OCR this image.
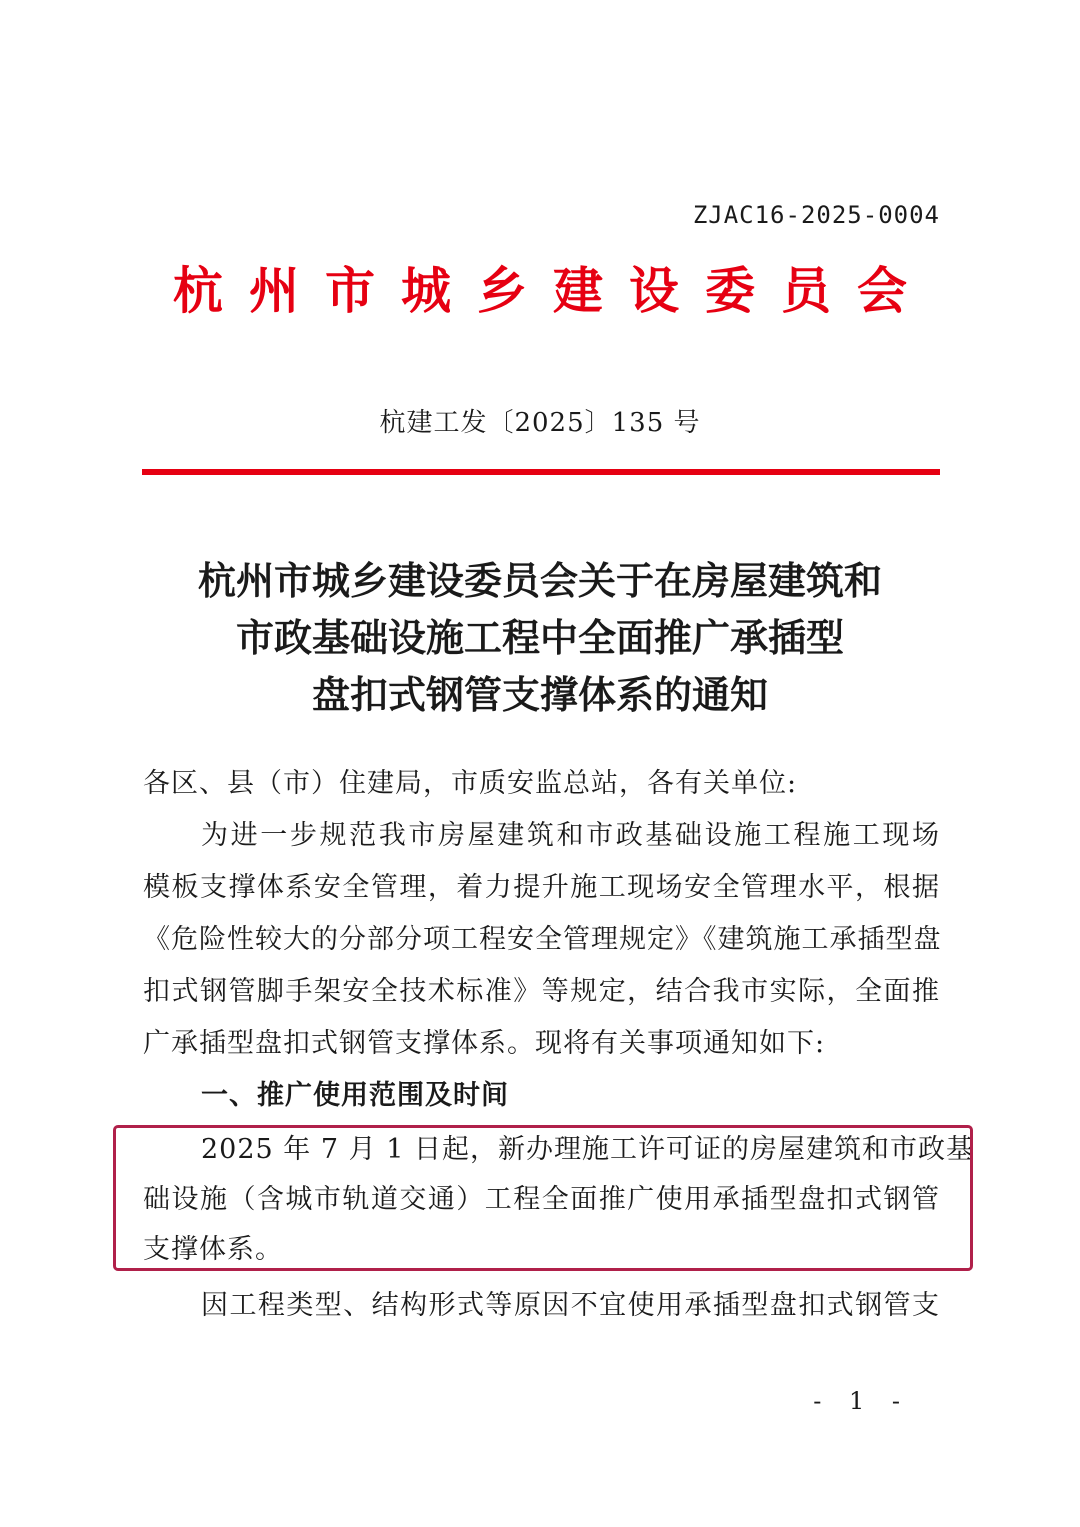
ZJAC16-2025-0004
杭州市城乡建设委员会
杭建工发〔2025〕135 号
杭州市城乡建设委员会关于在房屋建筑和
市政基础设施工程中全面推广承插型
盘扣式钢管支撑体系的通知
各区、县（市）住建局，市质安监总站，各有关单位:
为进一步规范我市房屋建筑和市政基础设施工程施工现场
模板支撑体系安全管理，着力提升施工现场安全管理水平，根据
《危险性较大的分部分项工程安全管理规定》《建筑施工承插型盘
扣式钢管脚手架安全技术标准》等规定，结合我市实际，全面推
广承插型盘扣式钢管支撑体系。现将有关事项通知如下:
一、推广使用范围及时间
2025 年 7 月 1 日起，新办理施工许可证的房屋建筑和市政基
础设施（含城市轨道交通）工程全面推广使用承插型盘扣式钢管
支撑体系。
因工程类型、结构形式等原因不宜使用承插型盘扣式钢管支
- 1 -
